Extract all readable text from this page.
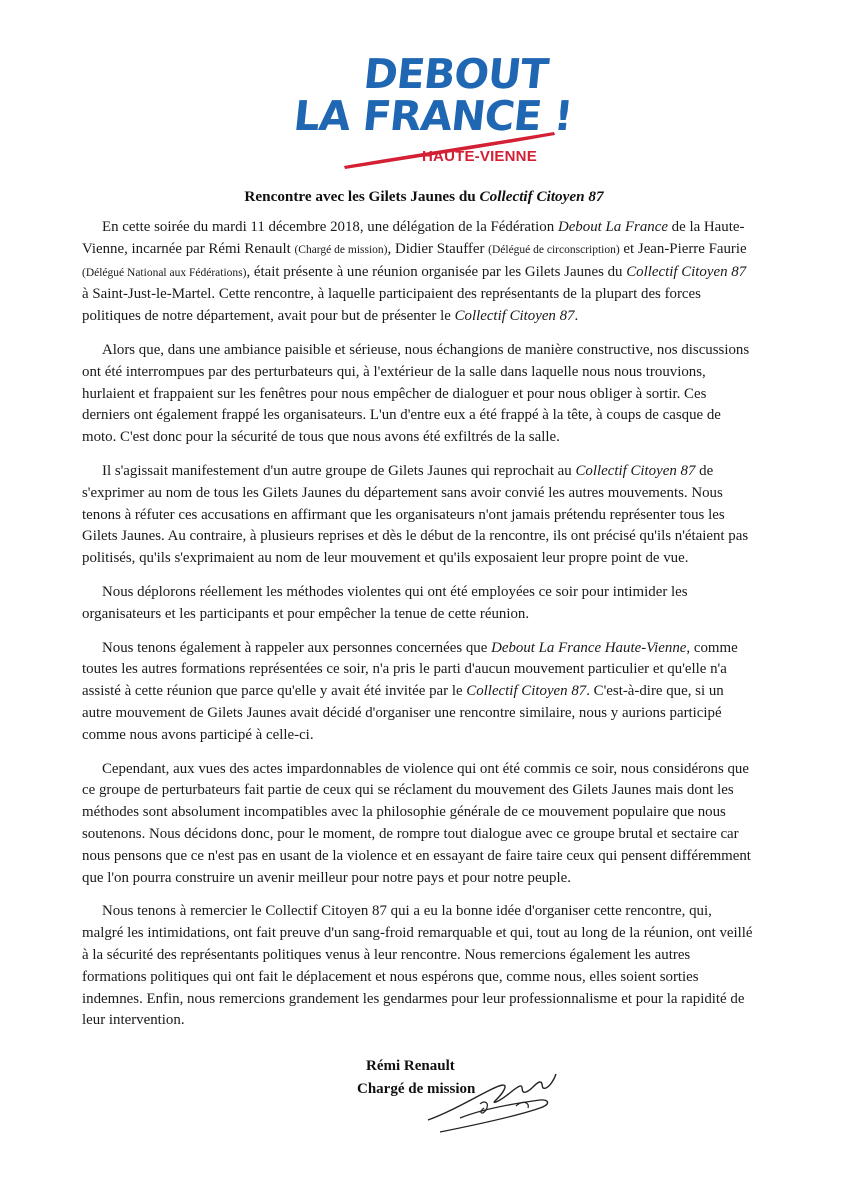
DEBOUT
LA FRANCE !
HAUTE-VIENNE
Rencontre avec les Gilets Jaunes du Collectif Citoyen 87

En cette soirée du mardi 11 décembre 2018, une délégation de la Fédération Debout La France de la Haute-Vienne, incarnée par Rémi Renault (Chargé de mission), Didier Stauffer (Délégué de circonscription) et Jean-Pierre Faurie (Délégué National aux Fédérations), était présente à une réunion organisée par les Gilets Jaunes du Collectif Citoyen 87 à Saint-Just-le-Martel. Cette rencontre, à laquelle participaient des représentants de la plupart des forces politiques de notre département, avait pour but de présenter le Collectif Citoyen 87.

Alors que, dans une ambiance paisible et sérieuse, nous échangions de manière constructive, nos discussions ont été interrompues par des perturbateurs qui, à l'extérieur de la salle dans laquelle nous nous trouvions, hurlaient et frappaient sur les fenêtres pour nous empêcher de dialoguer et pour nous obliger à sortir. Ces derniers ont également frappé les organisateurs. L'un d'entre eux a été frappé à la tête, à coups de casque de moto. C'est donc pour la sécurité de tous que nous avons été exfiltrés de la salle.

Il s'agissait manifestement d'un autre groupe de Gilets Jaunes qui reprochait au Collectif Citoyen 87 de s'exprimer au nom de tous les Gilets Jaunes du département sans avoir convié les autres mouvements. Nous tenons à réfuter ces accusations en affirmant que les organisateurs n'ont jamais prétendu représenter tous les Gilets Jaunes. Au contraire, à plusieurs reprises et dès le début de la rencontre, ils ont précisé qu'ils n'étaient pas politisés, qu'ils s'exprimaient au nom de leur mouvement et qu'ils exposaient leur propre point de vue.

Nous déplorons réellement les méthodes violentes qui ont été employées ce soir pour intimider les organisateurs et les participants et pour empêcher la tenue de cette réunion.

Nous tenons également à rappeler aux personnes concernées que Debout La France Haute-Vienne, comme toutes les autres formations représentées ce soir, n'a pris le parti d'aucun mouvement particulier et qu'elle n'a assisté à cette réunion que parce qu'elle y avait été invitée par le Collectif Citoyen 87. C'est-à-dire que, si un autre mouvement de Gilets Jaunes avait décidé d'organiser une rencontre similaire, nous y aurions participé comme nous avons participé à celle-ci.

Cependant, aux vues des actes impardonnables de violence qui ont été commis ce soir, nous considérons que ce groupe de perturbateurs fait partie de ceux qui se réclament du mouvement des Gilets Jaunes mais dont les méthodes sont absolument incompatibles avec la philosophie générale de ce mouvement populaire que nous soutenons. Nous décidons donc, pour le moment, de rompre tout dialogue avec ce groupe brutal et sectaire car nous pensons que ce n'est pas en usant de la violence et en essayant de faire taire ceux qui pensent différemment que l'on pourra construire un avenir meilleur pour notre pays et pour notre peuple.

Nous tenons à remercier le Collectif Citoyen 87 qui a eu la bonne idée d'organiser cette rencontre, qui, malgré les intimidations, ont fait preuve d'un sang-froid remarquable et qui, tout au long de la réunion, ont veillé à la sécurité des représentants politiques venus à leur rencontre. Nous remercions également les autres formations politiques qui ont fait le déplacement et nous espérons que, comme nous, elles soient sorties indemnes. Enfin, nous remercions grandement les gendarmes pour leur professionnalisme et pour la rapidité de leur intervention.

Rémi Renault
Chargé de mission
